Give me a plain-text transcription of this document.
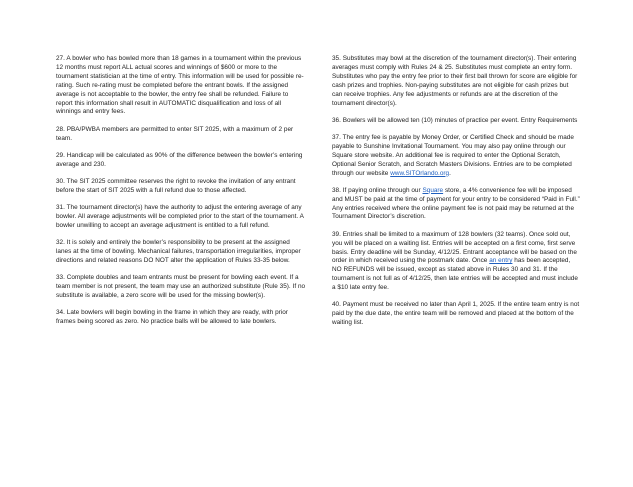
27. A bowler who has bowled more than 18 games in a tournament within the previous 12 months must report ALL actual scores and winnings of $600 or more to the tournament statistician at the time of entry. This information will be used for possible re-rating. Such re-rating must be completed before the entrant bowls. If the assigned average is not acceptable to the bowler, the entry fee shall be refunded. Failure to report this information shall result in AUTOMATIC disqualification and loss of all winnings and entry fees.

28. PBA/PWBA members are permitted to enter SIT 2025, with a maximum of 2 per team.

29. Handicap will be calculated as 90% of the difference between the bowler’s entering average and 230.

30. The SIT 2025 committee reserves the right to revoke the invitation of any entrant before the start of SIT 2025 with a full refund due to those affected.

31. The tournament director(s) have the authority to adjust the entering average of any bowler. All average adjustments will be completed prior to the start of the tournament. A bowler unwilling to accept an average adjustment is entitled to a full refund.

32. It is solely and entirely the bowler’s responsibility to be present at the assigned lanes at the time of bowling. Mechanical failures, transportation irregularities, improper directions and related reasons DO NOT alter the application of Rules 33-35 below.

33. Complete doubles and team entrants must be present for bowling each event. If a team member is not present, the team may use an authorized substitute (Rule 35). If no substitute is available, a zero score will be used for the missing bowler(s).

34. Late bowlers will begin bowling in the frame in which they are ready, with prior frames being scored as zero. No practice balls will be allowed to late bowlers.

35. Substitutes may bowl at the discretion of the tournament director(s). Their entering averages must comply with Rules 24 & 25. Substitutes must complete an entry form. Substitutes who pay the entry fee prior to their first ball thrown for score are eligible for cash prizes and trophies. Non-paying substitutes are not eligible for cash prizes but can receive trophies. Any fee adjustments or refunds are at the discretion of the tournament director(s).

36. Bowlers will be allowed ten (10) minutes of practice per event. Entry Requirements

37. The entry fee is payable by Money Order, or Certified Check and should be made payable to Sunshine Invitational Tournament. You may also pay online through our Square store website. An additional fee is required to enter the Optional Scratch, Optional Senior Scratch, and Scratch Masters Divisions. Entries are to be completed through our website www.SITOrlando.org.

38. If paying online through our Square store, a 4% convenience fee will be imposed and MUST be paid at the time of payment for your entry to be considered “Paid in Full.” Any entries received where the online payment fee is not paid may be returned at the Tournament Director’s discretion.

39. Entries shall be limited to a maximum of 128 bowlers (32 teams). Once sold out, you will be placed on a waiting list. Entries will be accepted on a first come, first serve basis. Entry deadline will be Sunday, 4/12/25. Entrant acceptance will be based on the order in which received using the postmark date. Once an entry has been accepted, NO REFUNDS will be issued, except as stated above in Rules 30 and 31. If the tournament is not full as of 4/12/25, then late entries will be accepted and must include a $10 late entry fee.

40. Payment must be received no later than April 1, 2025. If the entire team entry is not paid by the due date, the entire team will be removed and placed at the bottom of the waiting list.
